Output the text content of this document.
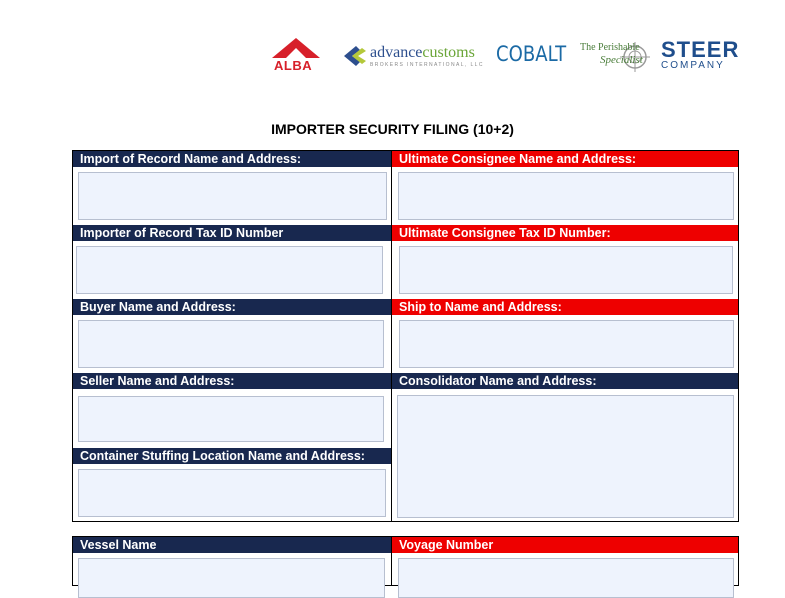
ALBA
advancecustoms
BROKERS INTERNATIONAL, LLC COBALT The Perishable
Specialist STEER
COMPANY
IMPORTER SECURITY FILING (10+2)
Import of Record Name and Address:
Importer of Record Tax ID Number
Buyer Name and Address:
Seller Name and Address:
Container Stuffing Location Name and Address:
Ultimate Consignee Name and Address:
Ultimate Consignee Tax ID Number:
Ship to Name and Address:
Consolidator Name and Address:
Vessel Name	Voyage Number
